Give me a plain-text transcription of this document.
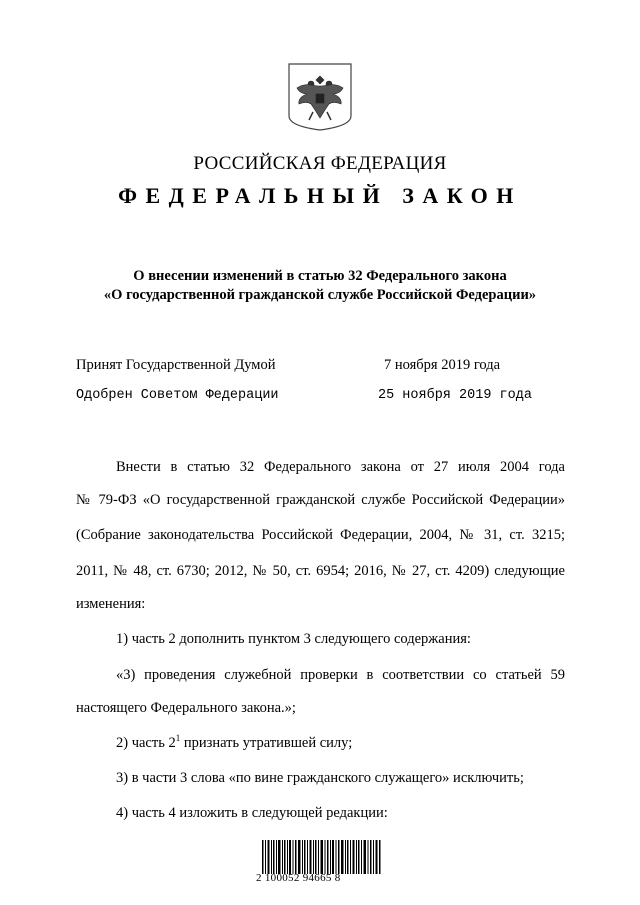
РОССИЙСКАЯ ФЕДЕРАЦИЯ
ФЕДЕРАЛЬНЫЙ ЗАКОН
О внесении изменений в статью 32 Федерального закона
«О государственной гражданской службе Российской Федерации»
Принят Государственной Думой	7 ноября 2019 года
Одобрен Советом Федерации	25 ноября 2019 года
Внести в статью 32 Федерального закона от 27 июля 2004 года
№ 79-ФЗ «О государственной гражданской службе Российской Федерации»
(Собрание законодательства Российской Федерации, 2004, № 31, ст. 3215;
2011, № 48, ст. 6730; 2012, № 50, ст. 6954; 2016, № 27, ст. 4209) следующие
изменения:
1) часть 2 дополнить пунктом 3 следующего содержания:
«3) проведения служебной проверки в соответствии со статьей 59
настоящего Федерального закона.»;
2) часть $2^1$ признать утратившей силу;
3) в части 3 слова «по вине гражданского служащего» исключить;
4) часть 4 изложить в следующей редакции:
2 100052 94665 8
